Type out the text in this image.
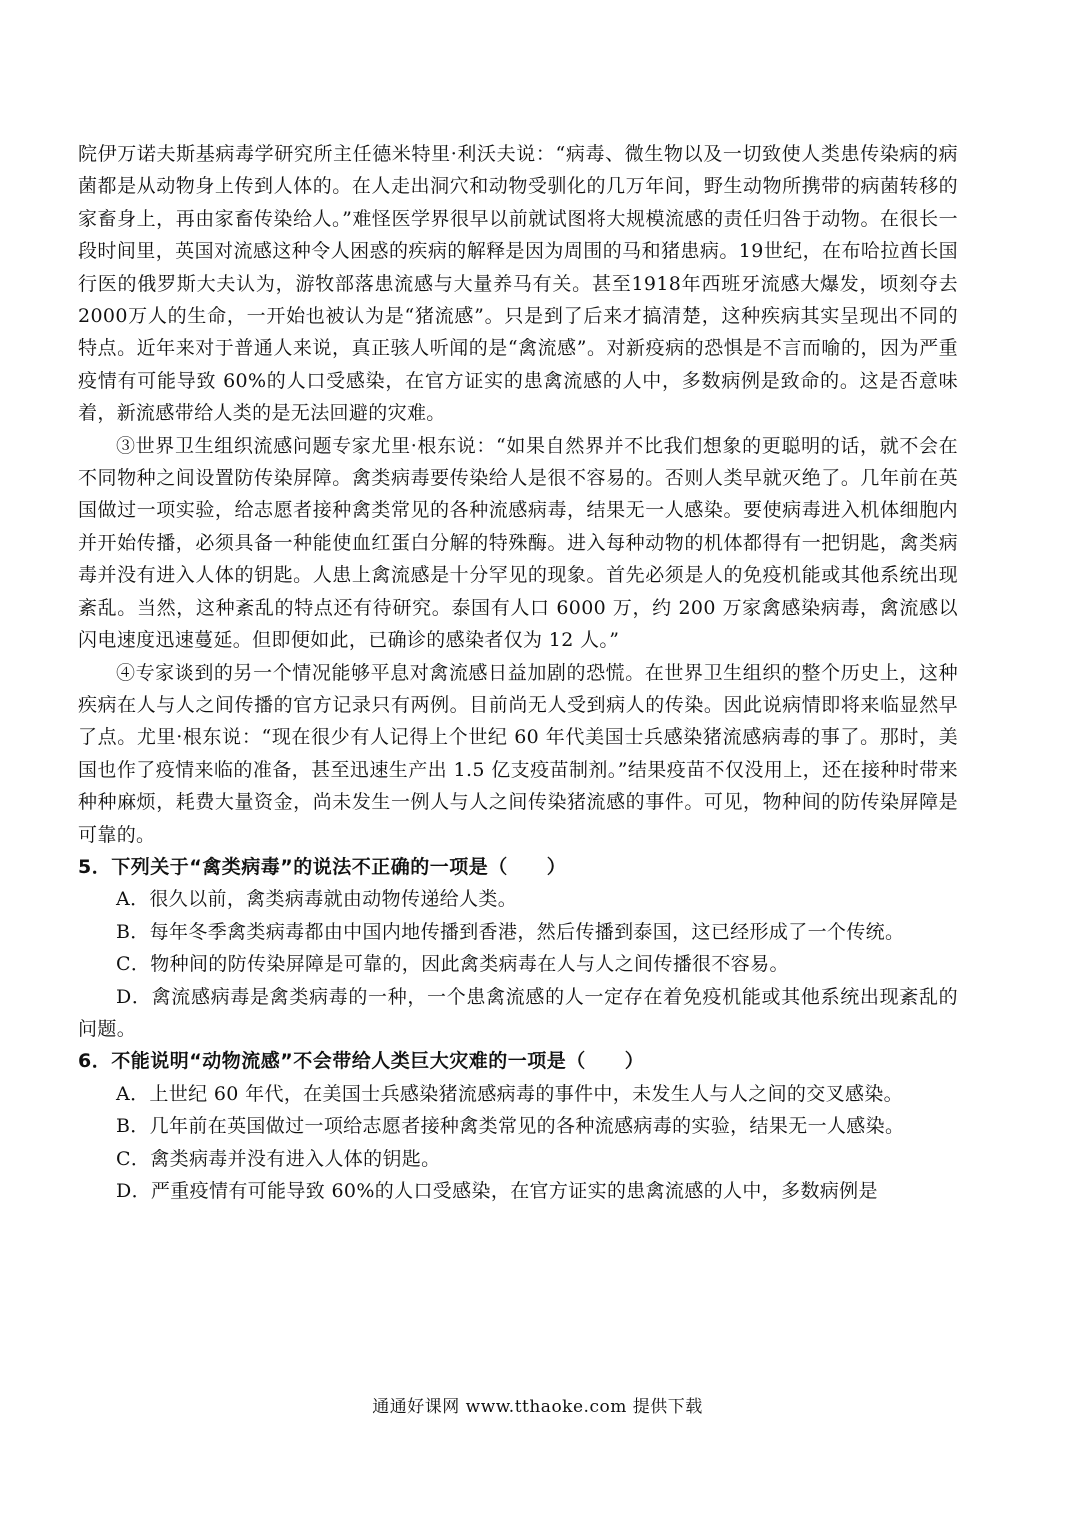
院伊万诺夫斯基病毒学研究所主任德米特里·利沃夫说：“病毒、微生物以及一切致使人类患传染病的病菌都是从动物身上传到人体的。在人走出洞穴和动物受驯化的几万年间，野生动物所携带的病菌转移的家畜身上，再由家畜传染给人。”难怪医学界很早以前就试图将大规模流感的责任归咎于动物。在很长一段时间里，英国对流感这种令人困惑的疾病的解释是因为周围的马和猪患病。19世纪，在布哈拉酋长国行医的俄罗斯大夫认为，游牧部落患流感与大量养马有关。甚至1918年西班牙流感大爆发，顷刻夺去2000万人的生命，一开始也被认为是“猪流感”。只是到了后来才搞清楚，这种疾病其实呈现出不同的特点。近年来对于普通人来说，真正骇人听闻的是“禽流感”。对新疫病的恐惧是不言而喻的，因为严重疫情有可能导致 60%的人口受感染，在官方证实的患禽流感的人中，多数病例是致命的。这是否意味着，新流感带给人类的是无法回避的灾难。

③世界卫生组织流感问题专家尤里·根东说：“如果自然界并不比我们想象的更聪明的话，就不会在不同物种之间设置防传染屏障。禽类病毒要传染给人是很不容易的。否则人类早就灭绝了。几年前在英国做过一项实验，给志愿者接种禽类常见的各种流感病毒，结果无一人感染。要使病毒进入机体细胞内并开始传播，必须具备一种能使血红蛋白分解的特殊酶。进入每种动物的机体都得有一把钥匙，禽类病毒并没有进入人体的钥匙。人患上禽流感是十分罕见的现象。首先必须是人的免疫机能或其他系统出现紊乱。当然，这种紊乱的特点还有待研究。泰国有人口 6000 万，约 200 万家禽感染病毒，禽流感以闪电速度迅速蔓延。但即便如此，已确诊的感染者仅为 12 人。”

④专家谈到的另一个情况能够平息对禽流感日益加剧的恐慌。在世界卫生组织的整个历史上，这种疾病在人与人之间传播的官方记录只有两例。目前尚无人受到病人的传染。因此说病情即将来临显然早了点。尤里·根东说：“现在很少有人记得上个世纪 60 年代美国士兵感染猪流感病毒的事了。那时，美国也作了疫情来临的准备，甚至迅速生产出 1.5 亿支疫苗制剂。”结果疫苗不仅没用上，还在接种时带来种种麻烦，耗费大量资金，尚未发生一例人与人之间传染猪流感的事件。可见，物种间的防传染屏障是可靠的。

5．下列关于“禽类病毒”的说法不正确的一项是（　　）

A．很久以前，禽类病毒就由动物传递给人类。

B．每年冬季禽类病毒都由中国内地传播到香港，然后传播到泰国，这已经形成了一个传统。

C．物种间的防传染屏障是可靠的，因此禽类病毒在人与人之间传播很不容易。

D．禽流感病毒是禽类病毒的一种，一个患禽流感的人一定存在着免疫机能或其他系统出现紊乱的问题。

6．不能说明“动物流感”不会带给人类巨大灾难的一项是（　　）

A．上世纪 60 年代，在美国士兵感染猪流感病毒的事件中，未发生人与人之间的交叉感染。

B．几年前在英国做过一项给志愿者接种禽类常见的各种流感病毒的实验，结果无一人感染。

C．禽类病毒并没有进入人体的钥匙。

D．严重疫情有可能导致 60%的人口受感染，在官方证实的患禽流感的人中，多数病例是

通通好课网 www.tthaoke.com 提供下载
